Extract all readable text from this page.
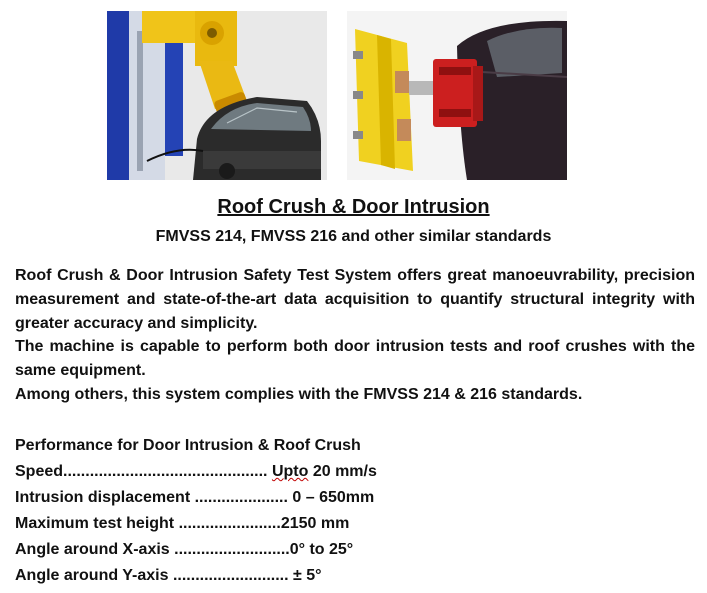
Roof Crush & Door Intrusion
FMVSS 214, FMVSS 216 and other similar standards

Roof Crush & Door Intrusion Safety Test System offers great manoeuvrability, precision measurement and state-of-the-art data acquisition to quantify structural integrity with greater accuracy and simplicity.

The machine is capable to perform both door intrusion tests and roof crushes with the same equipment.

Among others, this system complies with the FMVSS 214 & 216 standards.

Performance for Door Intrusion & Roof Crush
Speed.............................................. Upto 20 mm/s
Intrusion displacement ..................... 0 – 650mm
Maximum test height .......................2150 mm
Angle around X-axis ..........................0° to 25°
Angle around Y-axis .......................... ± 5°
